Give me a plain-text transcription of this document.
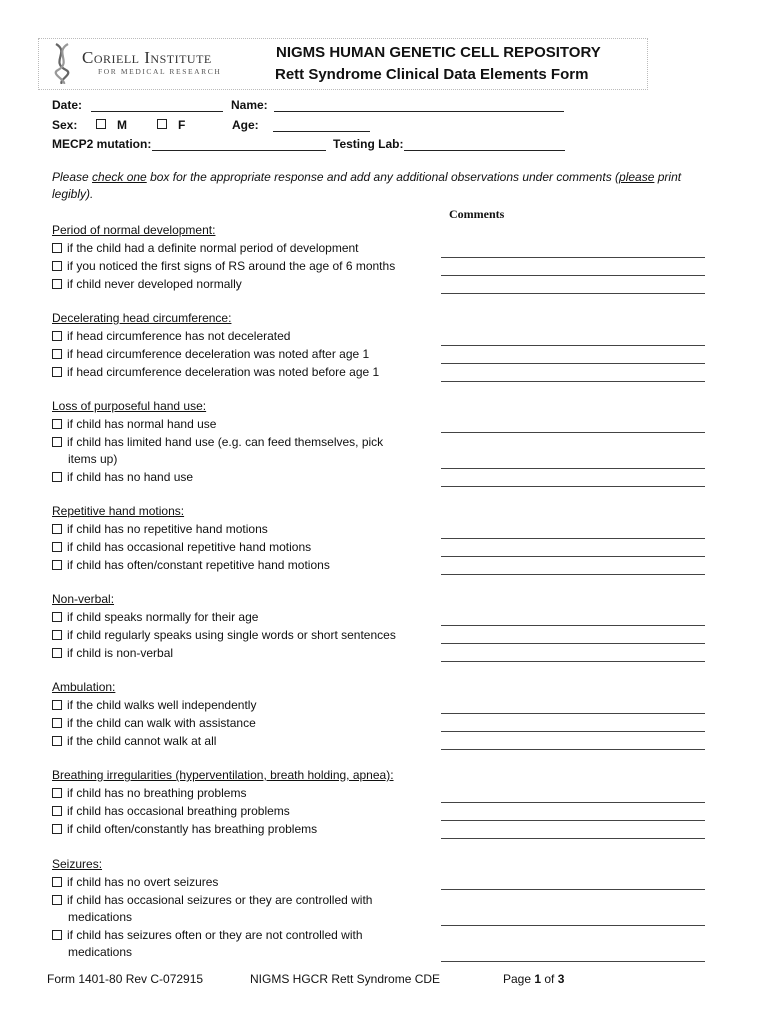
Coriell Institute
FOR MEDICAL RESEARCH
NIGMS HUMAN GENETIC CELL REPOSITORY
Rett Syndrome Clinical Data Elements Form
Date:	Name:
Sex:	M	F	Age:
MECP2 mutation:	Testing Lab:
Please check one box for the appropriate response and add any additional observations under comments (please print legibly).
Comments
Period of normal development:
if the child had a definite normal period of development
if you noticed the first signs of RS around the age of 6 months
if child never developed normally
Decelerating head circumference:
if head circumference has not decelerated
if head circumference deceleration was noted after age 1
if head circumference deceleration was noted before age 1
Loss of purposeful hand use:
if child has normal hand use
if child has limited hand use (e.g. can feed themselves, pick
items up)
if child has no hand use
Repetitive hand motions:
if child has no repetitive hand motions
if child has occasional repetitive hand motions
if child has often/constant repetitive hand motions
Non-verbal:
if child speaks normally for their age
if child regularly speaks using single words or short sentences
if child is non-verbal
Ambulation:
if the child walks well independently
if the child can walk with assistance
if the child cannot walk at all
Breathing irregularities (hyperventilation, breath holding, apnea):
if child has no breathing problems
if child has occasional breathing problems
if child often/constantly has breathing problems
Seizures:
if child has no overt seizures
if child has occasional seizures or they are controlled with
medications
if child has seizures often or they are not controlled with
medications
Form 1401-80 Rev C-072915	NIGMS HGCR Rett Syndrome CDE	Page 1 of 3
